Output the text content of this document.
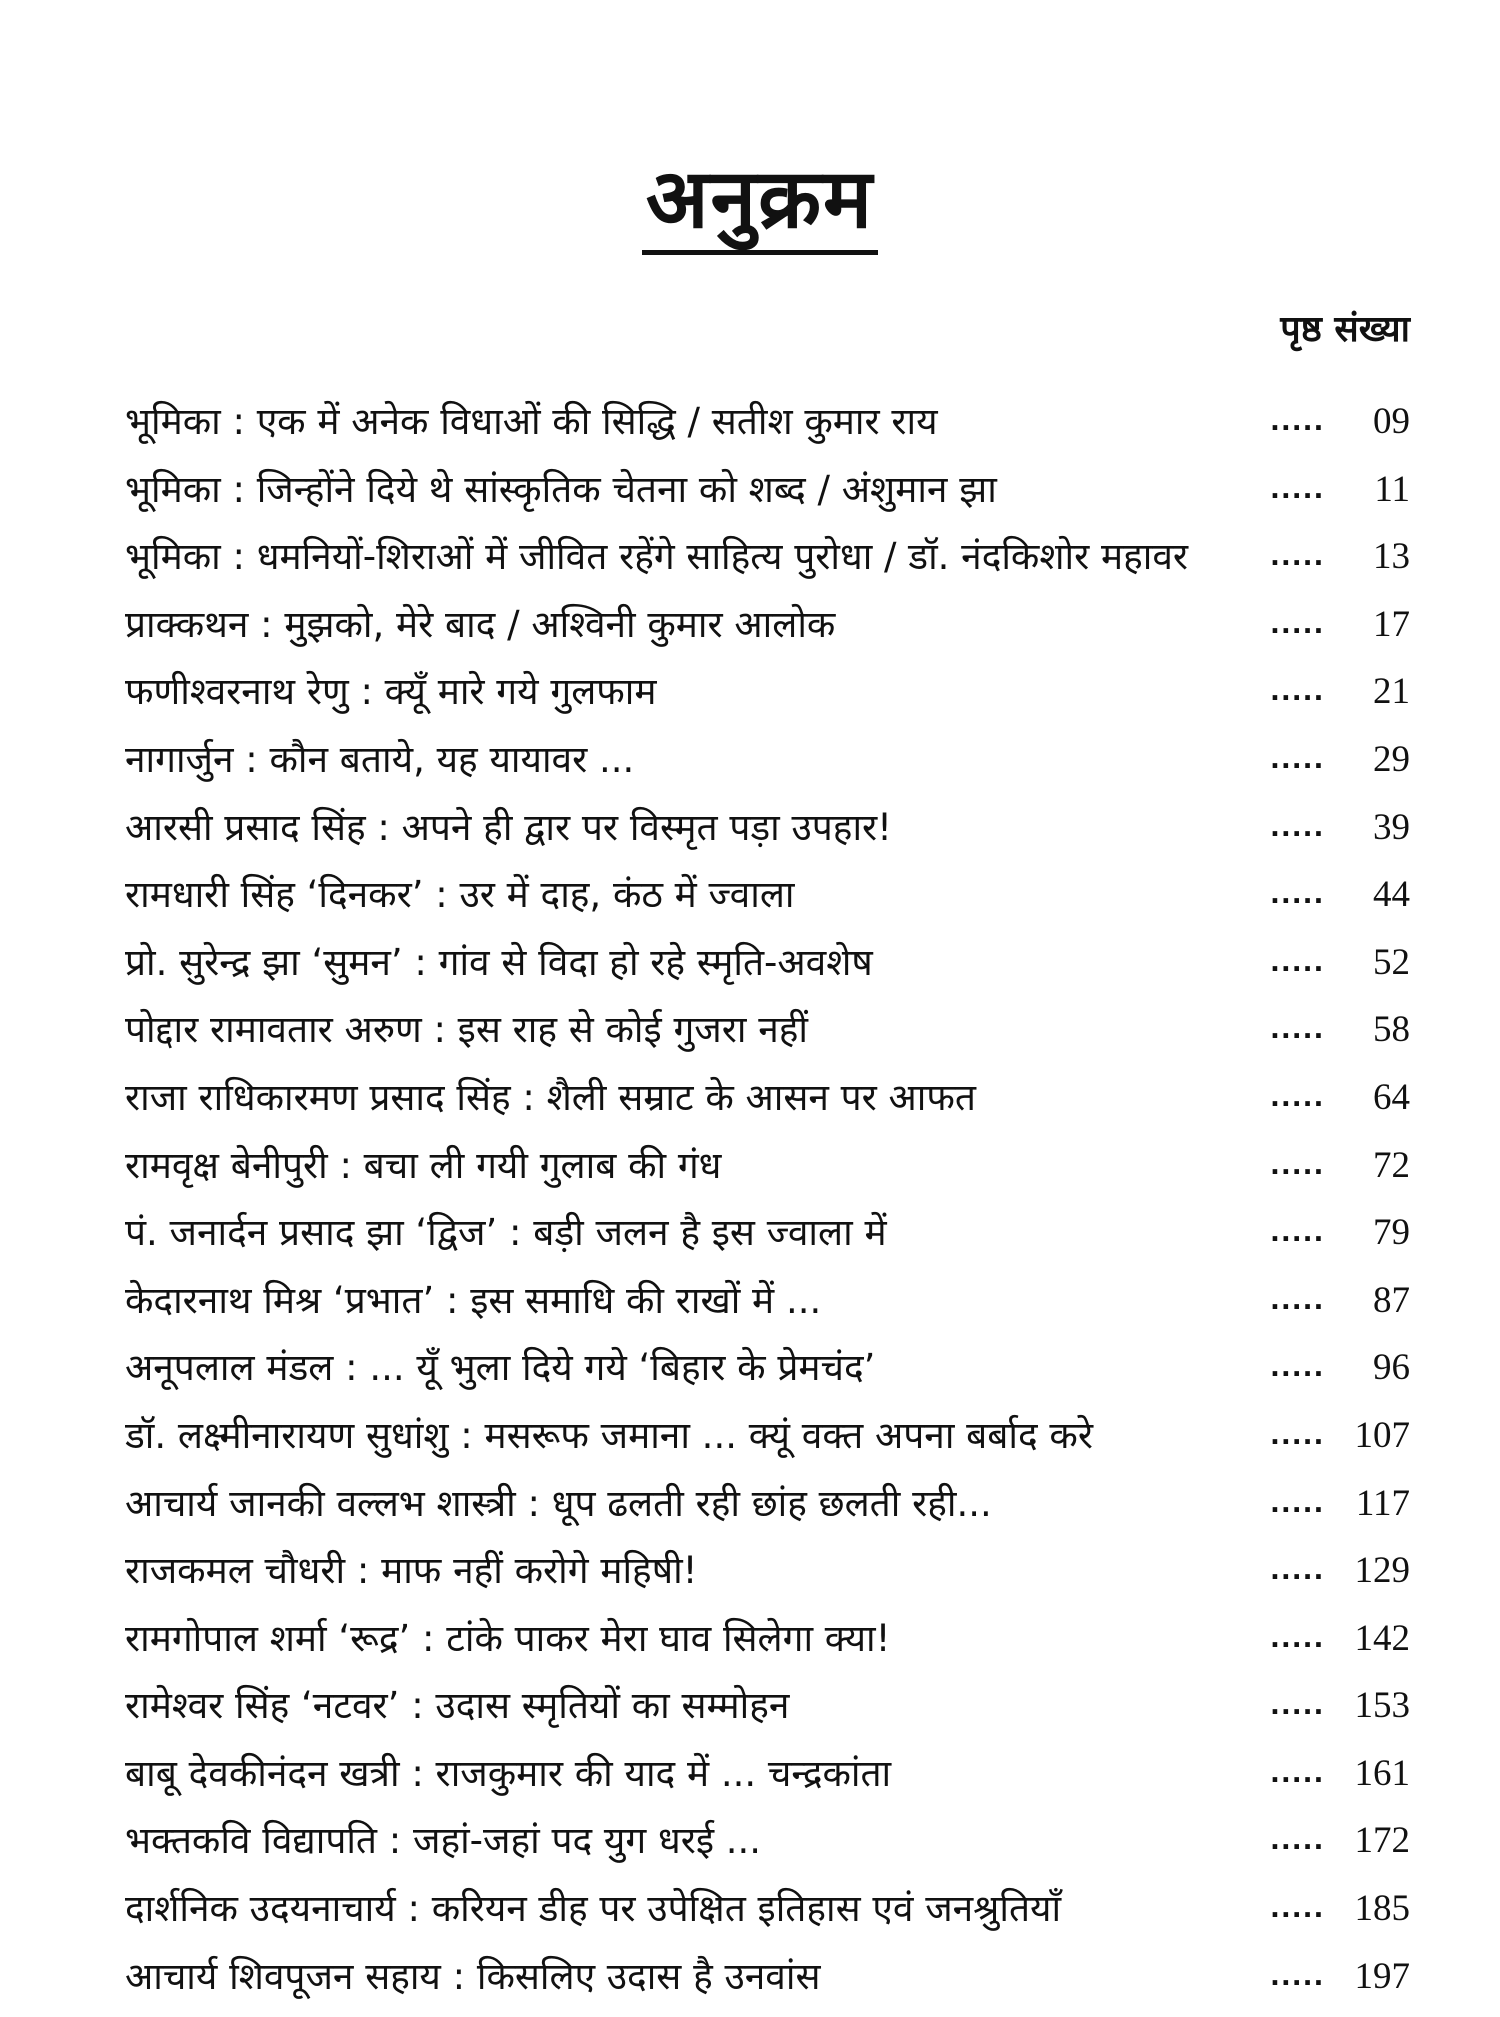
अनुक्रम
पृष्ठ संख्या
भूमिका : एक में अनेक विधाओं की सिद्धि / सतीश कुमार राय	.....	09
भूमिका : जिन्होंने दिये थे सांस्कृतिक चेतना को शब्द / अंशुमान झा	.....	11
भूमिका : धमनियों-शिराओं में जीवित रहेंगे साहित्य पुरोधा / डॉ. नंदकिशोर महावर	.....	13
प्राक्कथन : मुझको, मेरे बाद / अश्विनी कुमार आलोक	.....	17
फणीश्वरनाथ रेणु : क्यूँ मारे गये गुलफाम	.....	21
नागार्जुन : कौन बताये, यह यायावर ...	.....	29
आरसी प्रसाद सिंह : अपने ही द्वार पर विस्मृत पड़ा उपहार!	.....	39
रामधारी सिंह ‘दिनकर’ : उर में दाह, कंठ में ज्वाला	.....	44
प्रो. सुरेन्द्र झा ‘सुमन’ : गांव से विदा हो रहे स्मृति-अवशेष	.....	52
पोद्दार रामावतार अरुण : इस राह से कोई गुजरा नहीं	.....	58
राजा राधिकारमण प्रसाद सिंह : शैली सम्राट के आसन पर आफत	.....	64
रामवृक्ष बेनीपुरी : बचा ली गयी गुलाब की गंध	.....	72
पं. जनार्दन प्रसाद झा ‘द्विज’ : बड़ी जलन है इस ज्वाला में	.....	79
केदारनाथ मिश्र ‘प्रभात’ : इस समाधि की राखों में ...	.....	87
अनूपलाल मंडल : ... यूँ भुला दिये गये ‘बिहार के प्रेमचंद’	.....	96
डॉ. लक्ष्मीनारायण सुधांशु : मसरूफ जमाना ... क्यूं वक्त अपना बर्बाद करे	..... 107
आचार्य जानकी वल्लभ शास्त्री : धूप ढलती रही छांह छलती रही...	..... 117
राजकमल चौधरी : माफ नहीं करोगे महिषी!	..... 129
रामगोपाल शर्मा ‘रूद्र’ : टांके पाकर मेरा घाव सिलेगा क्या!	..... 142
रामेश्वर सिंह ‘नटवर’ : उदास स्मृतियों का सम्मोहन	..... 153
बाबू देवकीनंदन खत्री : राजकुमार की याद में ... चन्द्रकांता	..... 161
भक्तकवि विद्यापति : जहां-जहां पद युग धरई ...	..... 172
दार्शनिक उदयनाचार्य : करियन डीह पर उपेक्षित इतिहास एवं जनश्रुतियाँ	..... 185
आचार्य शिवपूजन सहाय : किसलिए उदास है उनवांस	..... 197
